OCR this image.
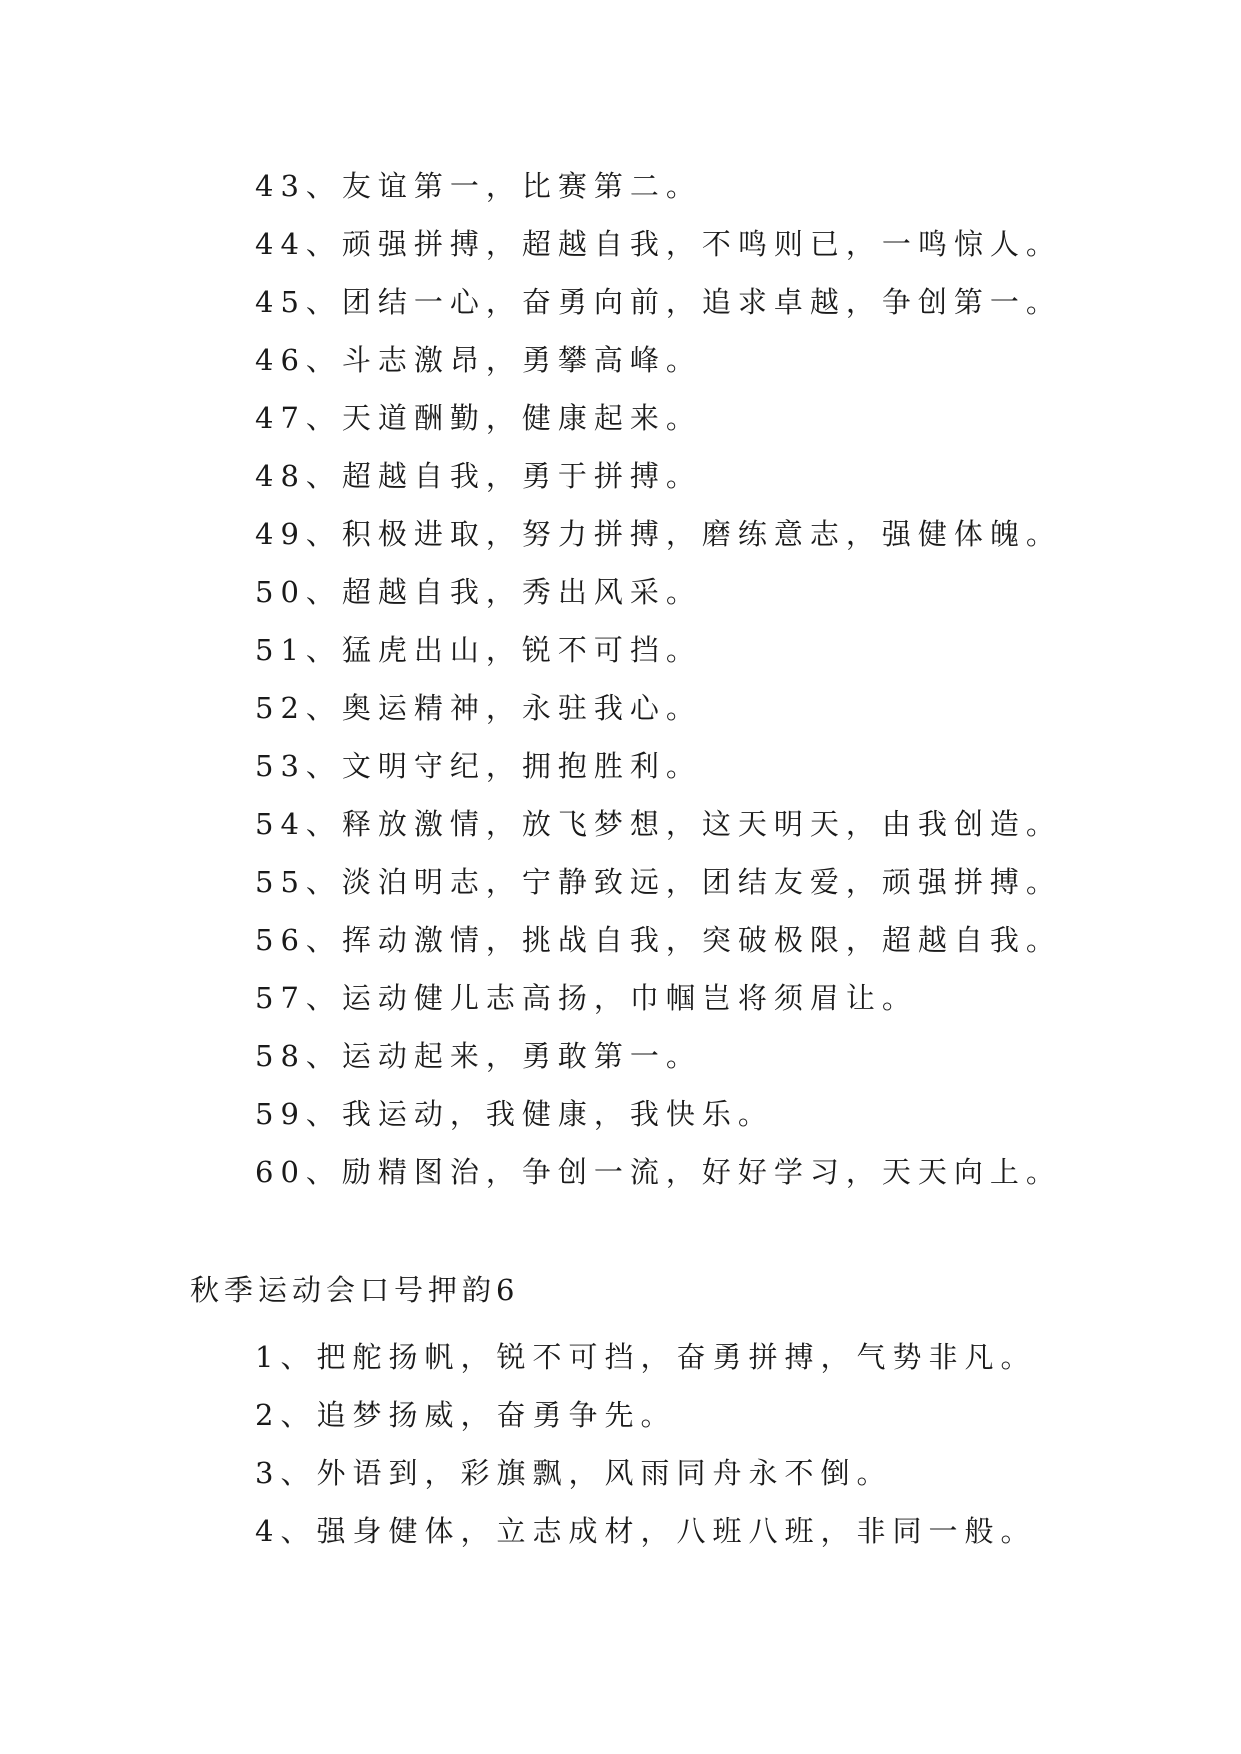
43、友谊第一，比赛第二。
44、顽强拼搏，超越自我，不鸣则已，一鸣惊人。
45、团结一心，奋勇向前，追求卓越，争创第一。
46、斗志激昂，勇攀高峰。
47、天道酬勤，健康起来。
48、超越自我，勇于拼搏。
49、积极进取，努力拼搏，磨练意志，强健体魄。
50、超越自我，秀出风采。
51、猛虎出山，锐不可挡。
52、奥运精神，永驻我心。
53、文明守纪，拥抱胜利。
54、释放激情，放飞梦想，这天明天，由我创造。
55、淡泊明志，宁静致远，团结友爱，顽强拼搏。
56、挥动激情，挑战自我，突破极限，超越自我。
57、运动健儿志高扬，巾帼岂将须眉让。
58、运动起来，勇敢第一。
59、我运动，我健康，我快乐。
60、励精图治，争创一流，好好学习，天天向上。
秋季运动会口号押韵6
1、把舵扬帆，锐不可挡，奋勇拼搏，气势非凡。
2、追梦扬威，奋勇争先。
3、外语到，彩旗飘，风雨同舟永不倒。
4、强身健体，立志成材，八班八班，非同一般。
